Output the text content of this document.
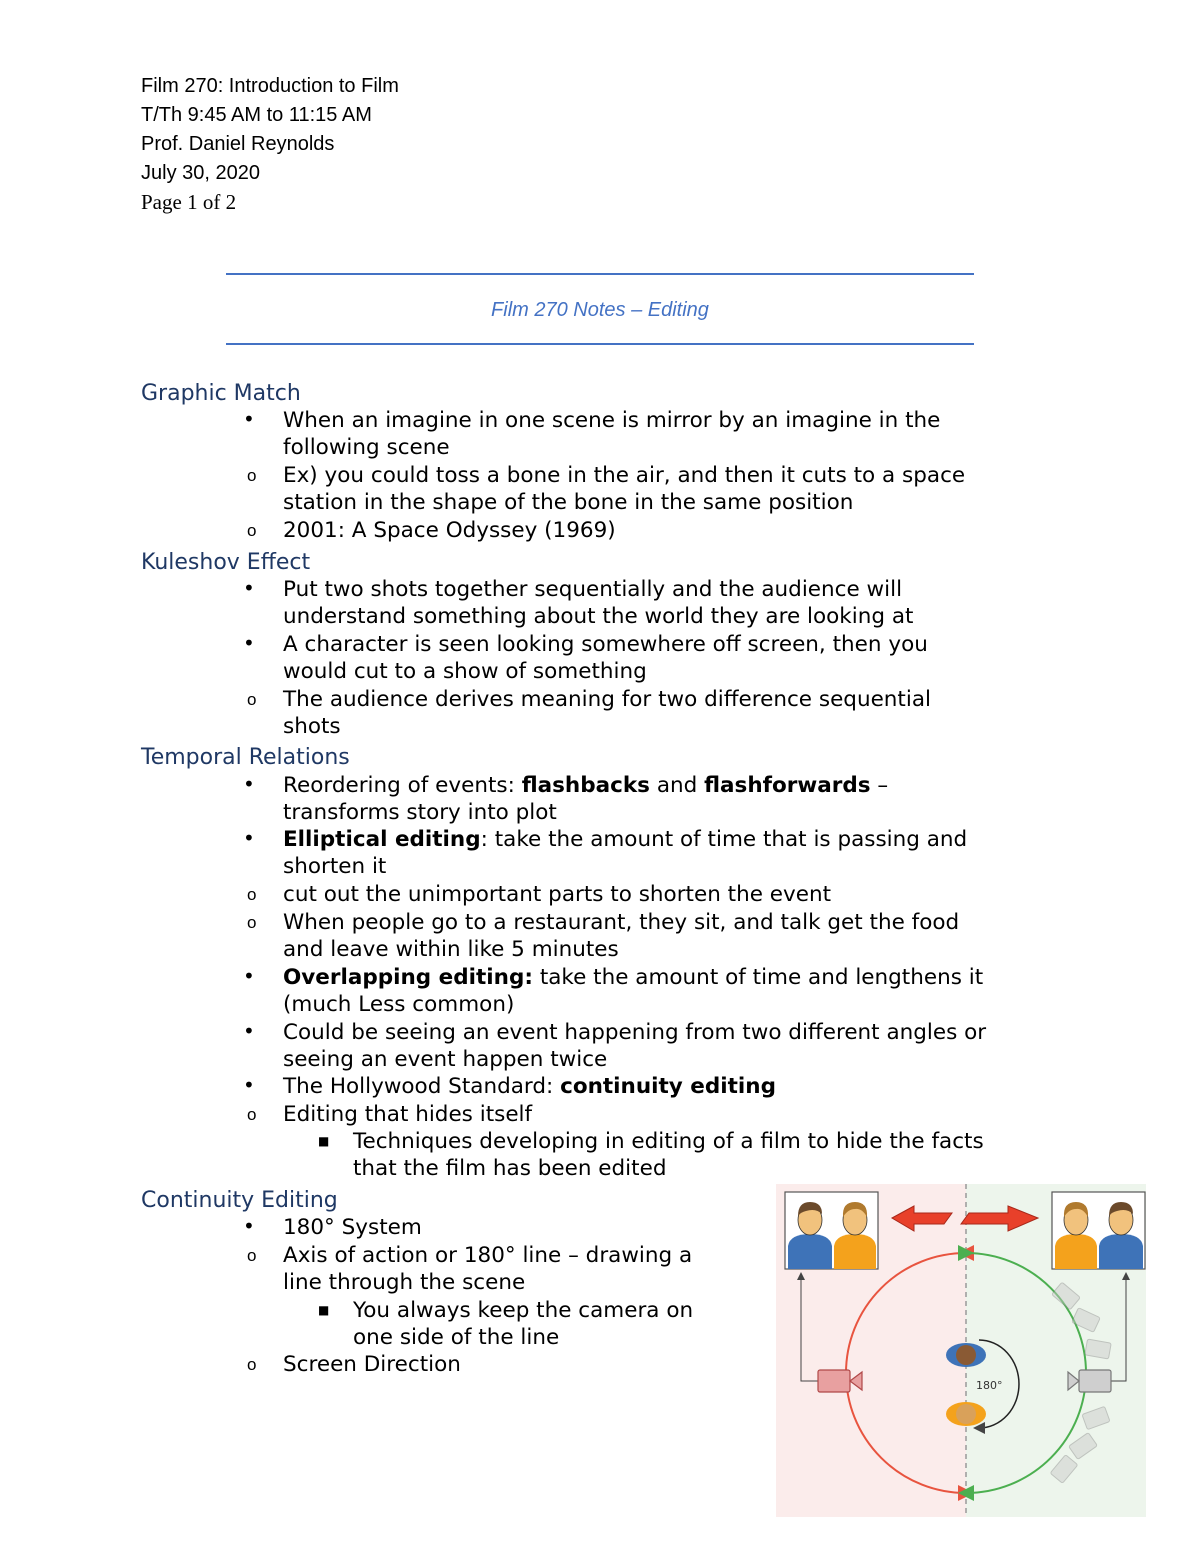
Film 270: Introduction to Film
T/Th 9:45 AM to 11:15 AM
Prof. Daniel Reynolds
July 30, 2020
Page 1 of 2
Film 270 Notes – Editing
Graphic Match
• When an imagine in one scene is mirror by an imagine in the
following scene
o Ex) you could toss a bone in the air, and then it cuts to a space
station in the shape of the bone in the same position
o 2001: A Space Odyssey (1969)
Kuleshov Effect
• Put two shots together sequentially and the audience will
understand something about the world they are looking at
• A character is seen looking somewhere off screen, then you
would cut to a show of something
o The audience derives meaning for two difference sequential
shots
Temporal Relations
• Reordering of events: flashbacks and flashforwards –
transforms story into plot
• Elliptical editing: take the amount of time that is passing and
shorten it
o cut out the unimportant parts to shorten the event
o When people go to a restaurant, they sit, and talk get the food
and leave within like 5 minutes
• Overlapping editing: take the amount of time and lengthens it
(much Less common)
• Could be seeing an event happening from two different angles or
seeing an event happen twice
• The Hollywood Standard: continuity editing
o Editing that hides itself
■ Techniques developing in editing of a film to hide the facts
that the film has been edited
Continuity Editing
• 180° System
o Axis of action or 180° line – drawing a
line through the scene
■ You always keep the camera on
one side of the line
o Screen Direction
180°
